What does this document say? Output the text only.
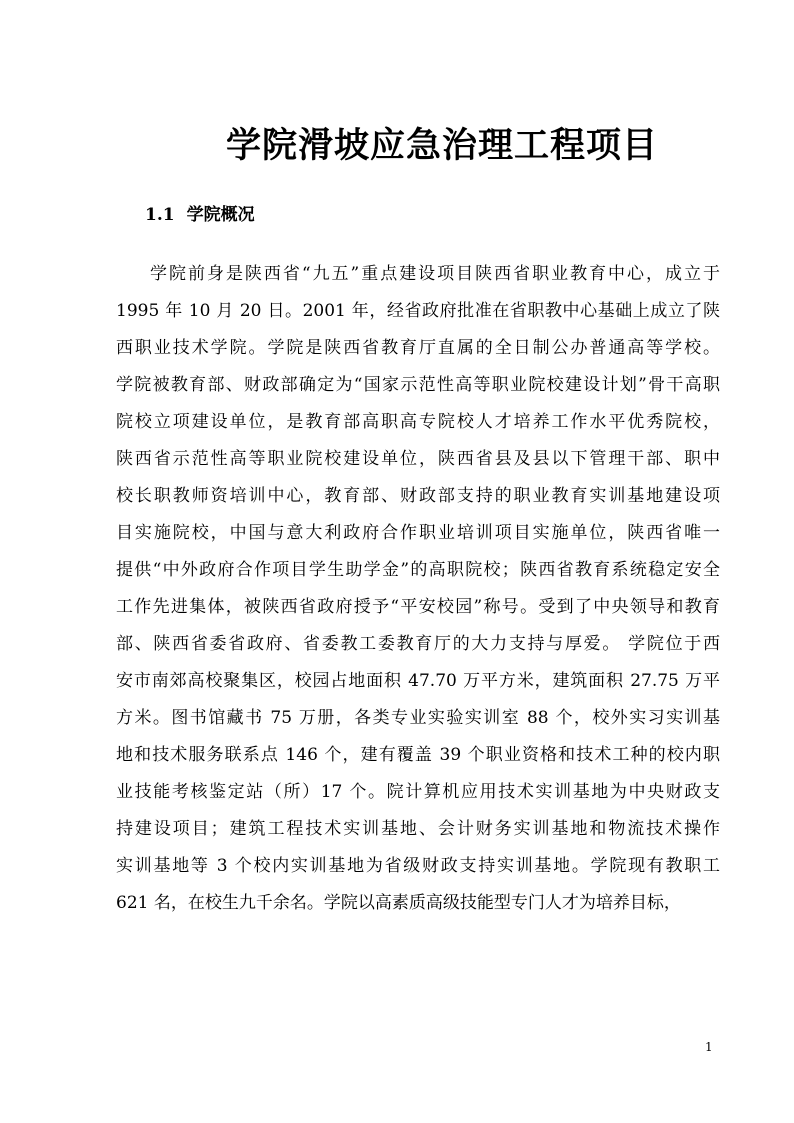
学院滑坡应急治理工程项目
1.1 学院概况
学院前身是陕西省“九五”重点建设项目陕西省职业教育中心，成立于
1995 年 10 月 20 日。2001 年，经省政府批准在省职教中心基础上成立了陕
西职业技术学院。学院是陕西省教育厅直属的全日制公办普通高等学校。
学院被教育部、财政部确定为“国家示范性高等职业院校建设计划”骨干高职
院校立项建设单位，是教育部高职高专院校人才培养工作水平优秀院校，
陕西省示范性高等职业院校建设单位，陕西省县及县以下管理干部、职中
校长职教师资培训中心，教育部、财政部支持的职业教育实训基地建设项
目实施院校，中国与意大利政府合作职业培训项目实施单位，陕西省唯一
提供“中外政府合作项目学生助学金”的高职院校；陕西省教育系统稳定安全
工作先进集体，被陕西省政府授予“平安校园”称号。受到了中央领导和教育
部、陕西省委省政府、省委教工委教育厅的大力支持与厚爱。 学院位于西
安市南郊高校聚集区，校园占地面积 47.70 万平方米，建筑面积 27.75 万平
方米。图书馆藏书 75 万册，各类专业实验实训室 88 个，校外实习实训基
地和技术服务联系点 146 个，建有覆盖 39 个职业资格和技术工种的校内职
业技能考核鉴定站（所）17 个。院计算机应用技术实训基地为中央财政支
持建设项目；建筑工程技术实训基地、会计财务实训基地和物流技术操作
实训基地等 3 个校内实训基地为省级财政支持实训基地。学院现有教职工
621 名，在校生九千余名。学院以高素质高级技能型专门人才为培养目标，
1
